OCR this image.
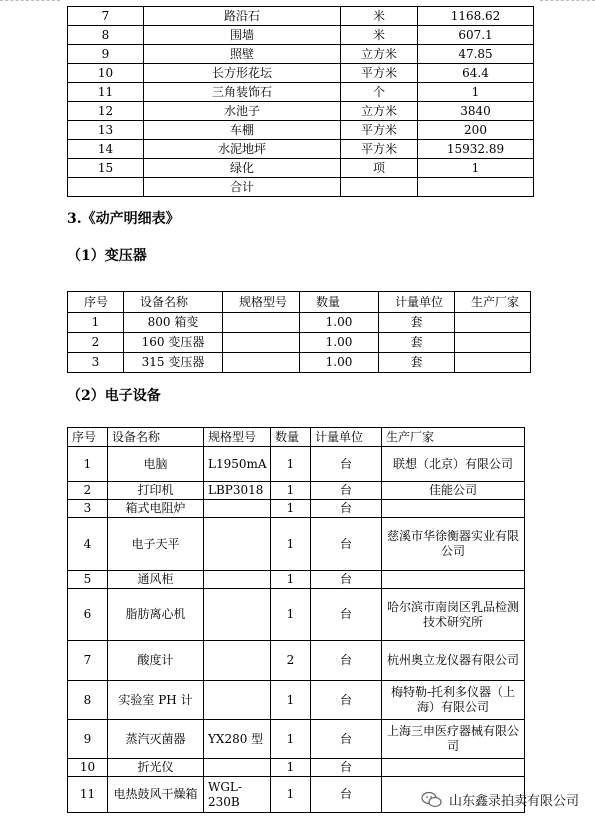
7	路沿石	米	1168.62
8	围墙	米	607.1
9	照壁	立方米	47.85
10	长方形花坛	平方米	64.4
11	三角装饰石	个	1
12	水池子	立方米	3840
13	车棚	平方米	200
14	水泥地坪	平方米	15932.89
15	绿化	项	1
	合计		
3.《动产明细表》
（1）变压器
序号	设备名称	规格型号	数量	计量单位	生产厂家
1	800 箱变		1.00	套	
2	160 变压器		1.00	套	
3	315 变压器		1.00	套	
（2）电子设备
序号	设备名称	规格型号	数量	计量单位	生产厂家
1	电脑	L1950mA	1	台	联想（北京）有限公司
2	打印机	LBP3018	1	台	佳能公司
3	箱式电阻炉		1	台	
4	电子天平		1	台	慈溪市华徐衡器实业有限公司
5	通风柜		1	台	
6	脂肪离心机		1	台	哈尔滨市南岗区乳品检测技术研究所
7	酸度计		2	台	杭州奥立龙仪器有限公司
8	实验室 PH 计		1	台	梅特勒-托利多仪器（上海）有限公司
9	蒸汽灭菌器	YX280 型	1	台	上海三申医疗器械有限公司
10	折光仪		1	台	
11	电热鼓风干燥箱	WGL-230B	1	台		山东鑫录拍卖有限公司
